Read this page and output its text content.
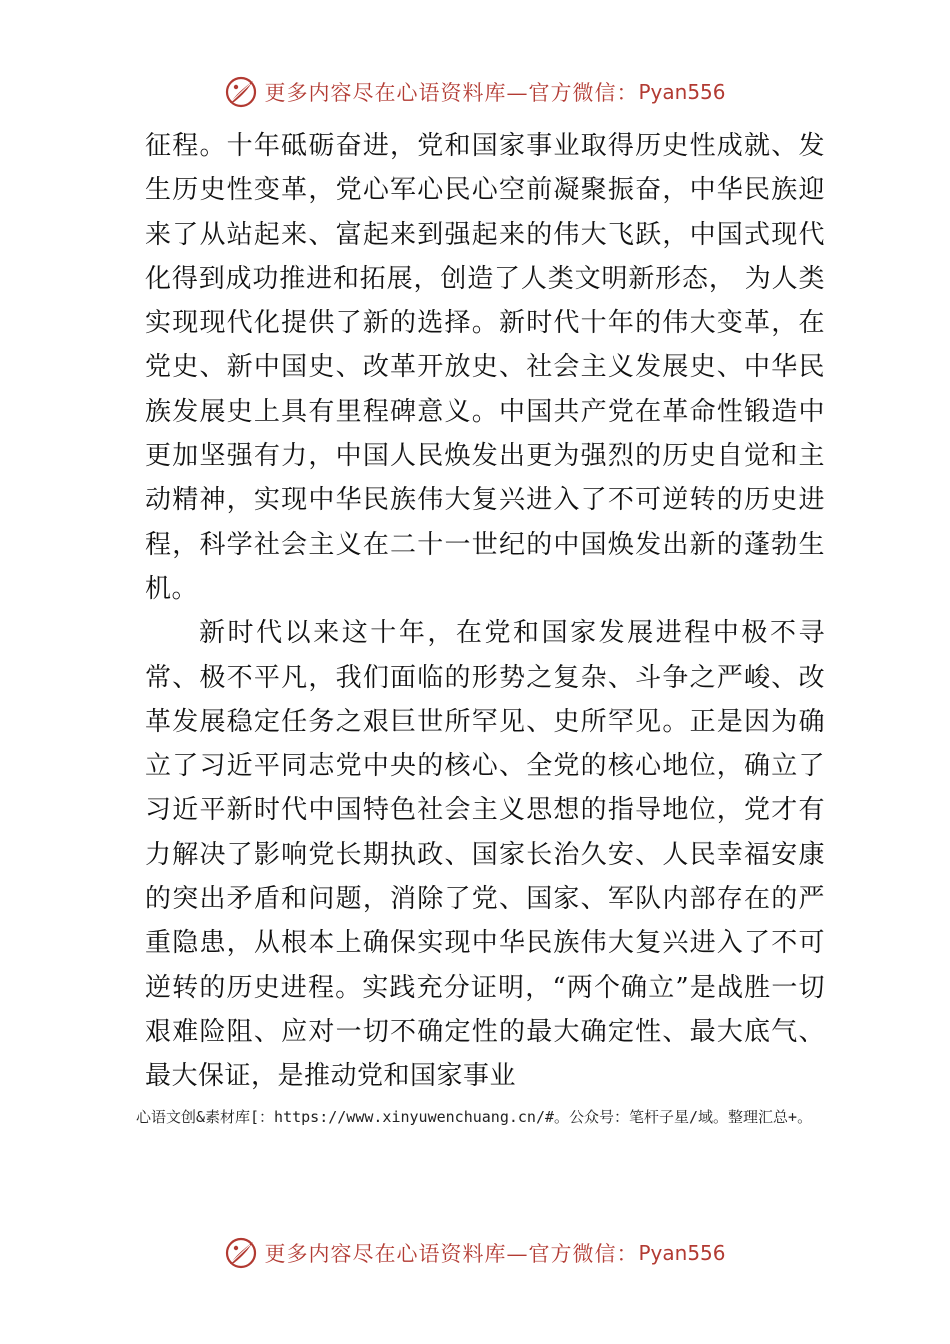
更多内容尽在心语资料库—官方微信： Pyan556

征程。十年砥砺奋进，党和国家事业取得历史性成就、发生历史性变革，党心军心民心空前凝聚振奋，中华民族迎来了从站起来、富起来到强起来的伟大飞跃，中国式现代化得到成功推进和拓展，创造了人类文明新形态， 为人类实现现代化提供了新的选择。新时代十年的伟大变革，在党史、新中国史、改革开放史、社会主义发展史、中华民族发展史上具有里程碑意义。中国共产党在革命性锻造中更加坚强有力，中国人民焕发出更为强烈的历史自觉和主动精神，实现中华民族伟大复兴进入了不可逆转的历史进程，科学社会主义在二十一世纪的中国焕发出新的蓬勃生机。

新时代以来这十年，在党和国家发展进程中极不寻常、极不平凡，我们面临的形势之复杂、斗争之严峻、改革发展稳定任务之艰巨世所罕见、史所罕见。正是因为确立了习近平同志党中央的核心、全党的核心地位，确立了习近平新时代中国特色社会主义思想的指导地位，党才有力解决了影响党长期执政、国家长治久安、人民幸福安康的突出矛盾和问题，消除了党、国家、军队内部存在的严重隐患，从根本上确保实现中华民族伟大复兴进入了不可逆转的历史进程。实践充分证明，“两个确立”是战胜一切艰难险阻、应对一切不确定性的最大确定性、最大底气、最大保证，是推动党和国家事业

心语文创&素材库[：https://www.xinyuwenchuang.cn/#。公众号：笔杆子星/域。整理汇总+。
更多内容尽在心语资料库—官方微信： Pyan556
